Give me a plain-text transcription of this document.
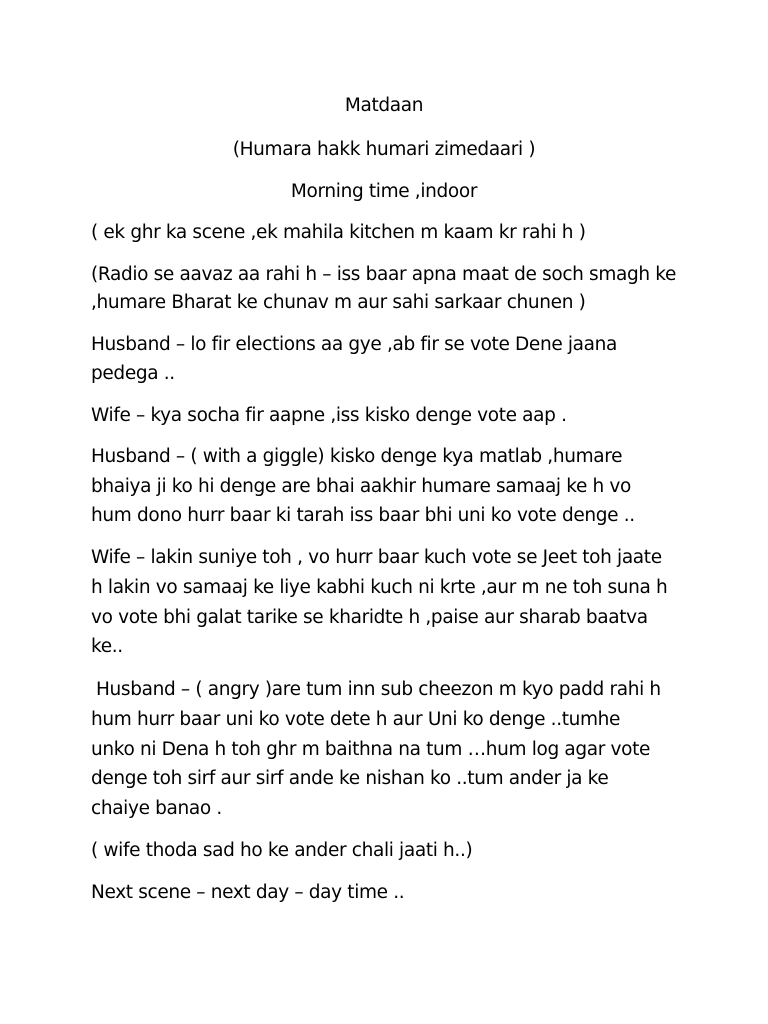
Matdaan

(Humara hakk humari zimedaari )

Morning time ,indoor

( ek ghr ka scene ,ek mahila kitchen m kaam kr rahi h )

(Radio se aavaz aa rahi h – iss baar apna maat de soch smagh ke

,humare Bharat ke chunav m aur sahi sarkaar chunen )

Husband – lo fir elections aa gye ,ab fir se vote Dene jaana

pedega ..

Wife – kya socha fir aapne ,iss kisko denge vote aap .

Husband – ( with a giggle) kisko denge kya matlab ,humare

bhaiya ji ko hi denge are bhai aakhir humare samaaj ke h vo

hum dono hurr baar ki tarah iss baar bhi uni ko vote denge ..

Wife – lakin suniye toh , vo hurr baar kuch vote se Jeet toh jaate

h lakin vo samaaj ke liye kabhi kuch ni krte ,aur m ne toh suna h

vo vote bhi galat tarike se kharidte h ,paise aur sharab baatva

ke..

Husband – ( angry )are tum inn sub cheezon m kyo padd rahi h

hum hurr baar uni ko vote dete h aur Uni ko denge ..tumhe

unko ni Dena h toh ghr m baithna na tum …hum log agar vote

denge toh sirf aur sirf ande ke nishan ko ..tum ander ja ke

chaiye banao .

( wife thoda sad ho ke ander chali jaati h..)

Next scene – next day – day time ..
